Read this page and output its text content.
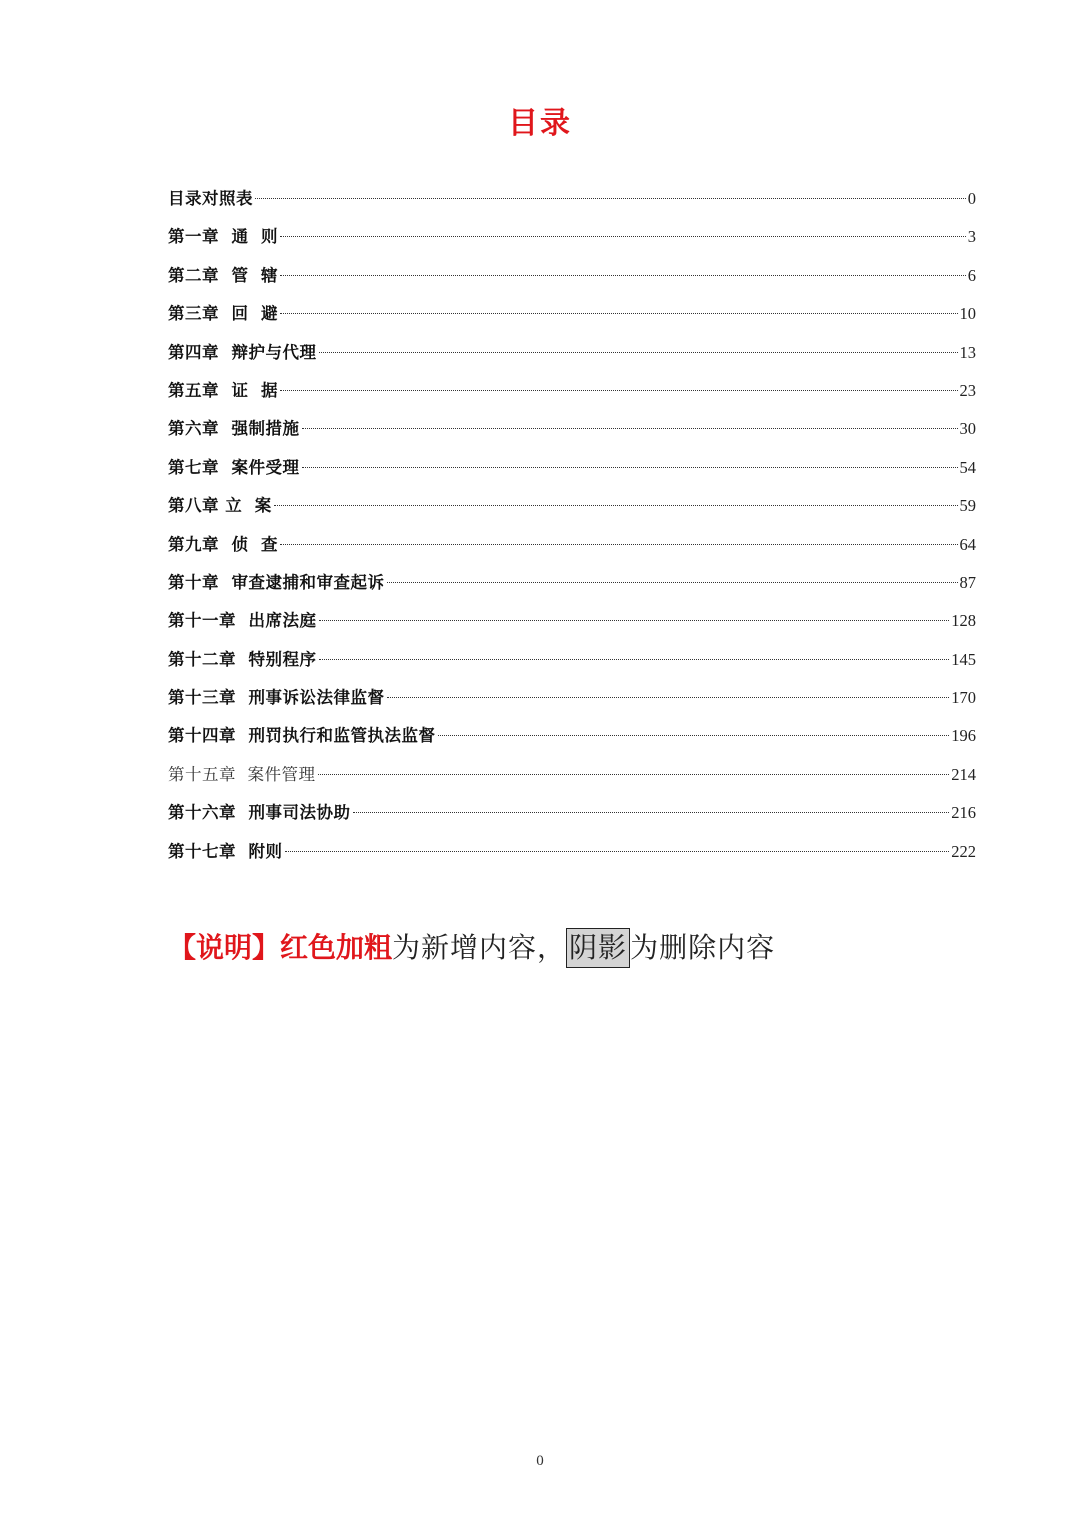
目录
目录对照表	0
第一章  通  则	3
第二章  管  辖	6
第三章  回  避	10
第四章  辩护与代理	13
第五章  证  据	23
第六章  强制措施	30
第七章  案件受理	54
第八章 立  案	59
第九章  侦  查	64
第十章  审查逮捕和审查起诉	87
第十一章  出席法庭	128
第十二章  特别程序	145
第十三章  刑事诉讼法律监督	170
第十四章  刑罚执行和监管执法监督	196
第十五章  案件管理	214
第十六章  刑事司法协助	216
第十七章  附则	222
【说明】红色加粗为新增内容， 阴影 为删除内容
0
